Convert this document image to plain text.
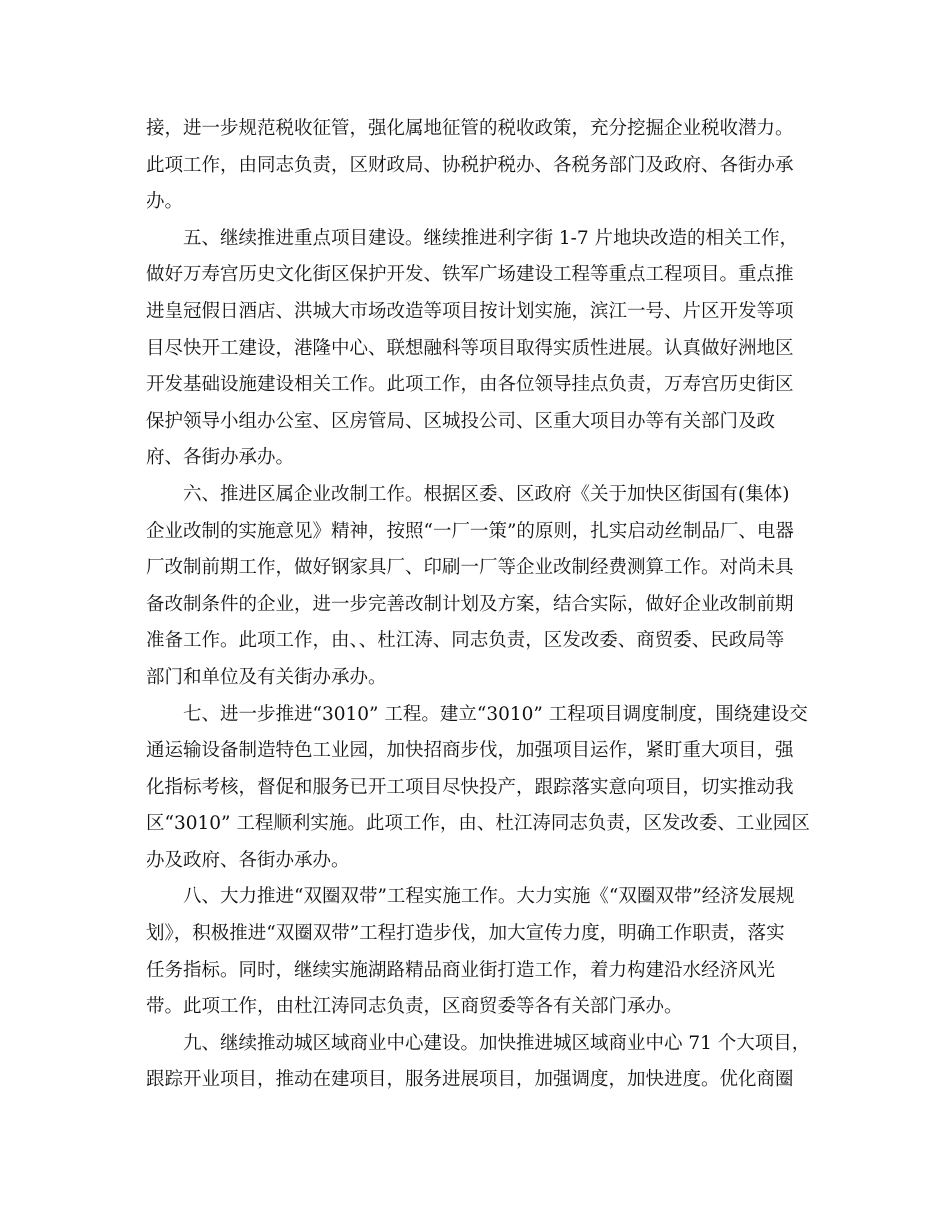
接，进一步规范税收征管，强化属地征管的税收政策，充分挖掘企业税收潜力。
此项工作，由同志负责，区财政局、协税护税办、各税务部门及政府、各街办承
办。
五、继续推进重点项目建设。继续推进利字街 1-7 片地块改造的相关工作，
做好万寿宫历史文化街区保护开发、铁军广场建设工程等重点工程项目。重点推
进皇冠假日酒店、洪城大市场改造等项目按计划实施，滨江一号、片区开发等项
目尽快开工建设，港隆中心、联想融科等项目取得实质性进展。认真做好洲地区
开发基础设施建设相关工作。此项工作，由各位领导挂点负责，万寿宫历史街区
保护领导小组办公室、区房管局、区城投公司、区重大项目办等有关部门及政
府、各街办承办。
六、推进区属企业改制工作。根据区委、区政府《关于加快区街国有(集体)
企业改制的实施意见》精神，按照“一厂一策”的原则，扎实启动丝制品厂、电器
厂改制前期工作，做好钢家具厂、印刷一厂等企业改制经费测算工作。对尚未具
备改制条件的企业，进一步完善改制计划及方案，结合实际，做好企业改制前期
准备工作。此项工作，由、、杜江涛、同志负责，区发改委、商贸委、民政局等
部门和单位及有关街办承办。
七、进一步推进“3010” 工程。建立“3010” 工程项目调度制度，围绕建设交
通运输设备制造特色工业园，加快招商步伐，加强项目运作，紧盯重大项目，强
化指标考核，督促和服务已开工项目尽快投产，跟踪落实意向项目，切实推动我
区“3010” 工程顺利实施。此项工作，由、杜江涛同志负责，区发改委、工业园区
办及政府、各街办承办。
八、大力推进“双圈双带”工程实施工作。大力实施《“双圈双带”经济发展规
划》，积极推进“双圈双带”工程打造步伐，加大宣传力度，明确工作职责，落实
任务指标。同时，继续实施湖路精品商业街打造工作，着力构建沿水经济风光
带。此项工作，由杜江涛同志负责，区商贸委等各有关部门承办。
九、继续推动城区域商业中心建设。加快推进城区域商业中心 71 个大项目，
跟踪开业项目，推动在建项目，服务进展项目，加强调度，加快进度。优化商圈
